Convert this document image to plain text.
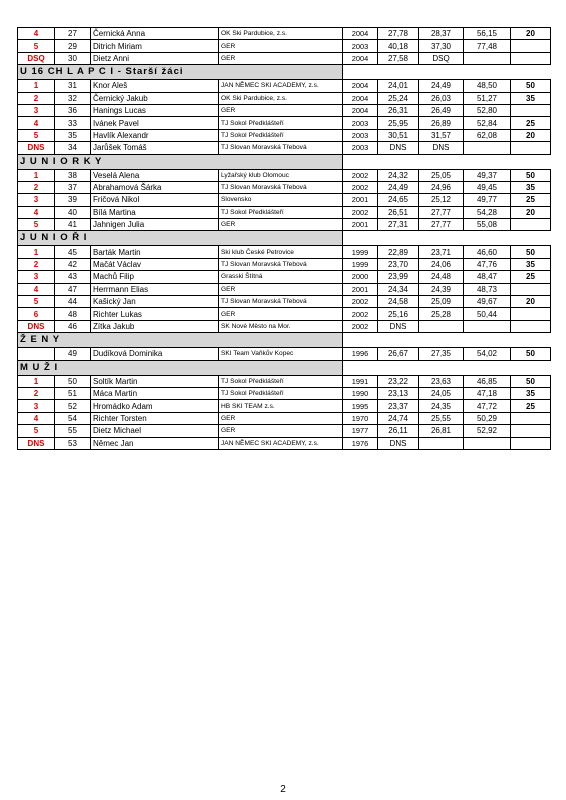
4	27	Černická Anna	OK Ski Pardubice, z.s.	2004	27,78	28,37	56,15	20
5	29	Ditrich Miriam	GER	2003	40,18	37,30	77,48	
DSQ	30	Dietz Anni	GER	2004	27,58	DSQ		
U 16 CH L A P C I - Starší žáci								
1	31	Knor Aleš	JAN NĚMEC SKI ACADEMY, z.s.	2004	24,01	24,49	48,50	50
2	32	Černický Jakub	OK Ski Pardubice, z.s.	2004	25,24	26,03	51,27	35
3	36	Hanings Lucas	GER	2004	26,31	26,49	52,80	
4	33	Ivánek Pavel	TJ Sokol Předklášteří	2003	25,95	26,89	52,84	25
5	35	Havlík Alexandr	TJ Sokol Předklášteří	2003	30,51	31,57	62,08	20
DNS	34	Jarůšek Tomáš	TJ Slovan Moravská Třebová	2003	DNS	DNS		
J U N I O R K Y								
1	38	Veselá Alena	Lyžařský klub Olomouc	2002	24,32	25,05	49,37	50
2	37	Abrahamová Šárka	TJ Slovan Moravská Třebová	2002	24,49	24,96	49,45	35
3	39	Fričová Nikol	Slovensko	2001	24,65	25,12	49,77	25
4	40	Bílá Martina	TJ Sokol Předklášteří	2002	26,51	27,77	54,28	20
5	41	Jahnigen Julia	GER	2001	27,31	27,77	55,08	
J U N I O Ř I								
1	45	Barták Martin	Ski klub České Petrovice	1999	22,89	23,71	46,60	50
2	42	Mačát Václav	TJ Slovan Moravská Třebová	1999	23,70	24,06	47,76	35
3	43	Machů Filip	Grasski Štítná	2000	23,99	24,48	48,47	25
4	47	Herrmann Elias	GER	2001	24,34	24,39	48,73	
5	44	Kašický Jan	TJ Slovan Moravská Třebová	2002	24,58	25,09	49,67	20
6	48	Richter Lukas	GER	2002	25,16	25,28	50,44	
DNS	46	Zítka Jakub	SK Nové Město na Mor.	2002	DNS			
Ž E N Y								
	49	Dudíková Dominika	SKI Team Vaňkův Kopec	1996	26,67	27,35	54,02	50
M U Ž I								
1	50	Soltík Martin	TJ Sokol Předklášteří	1991	23,22	23,63	46,85	50
2	51	Máca Martin	TJ Sokol Předklášteří	1990	23,13	24,05	47,18	35
3	52	Hromádko Adam	HB SKI TEAM z.s.	1995	23,37	24,35	47,72	25
4	54	Richter Torsten	GER	1970	24,74	25,55	50,29	
5	55	Dietz Michael	GER	1977	26,11	26,81	52,92	
DNS	53	Němec Jan	JAN NĚMEC SKI ACADEMY, z.s.	1976	DNS			
2
